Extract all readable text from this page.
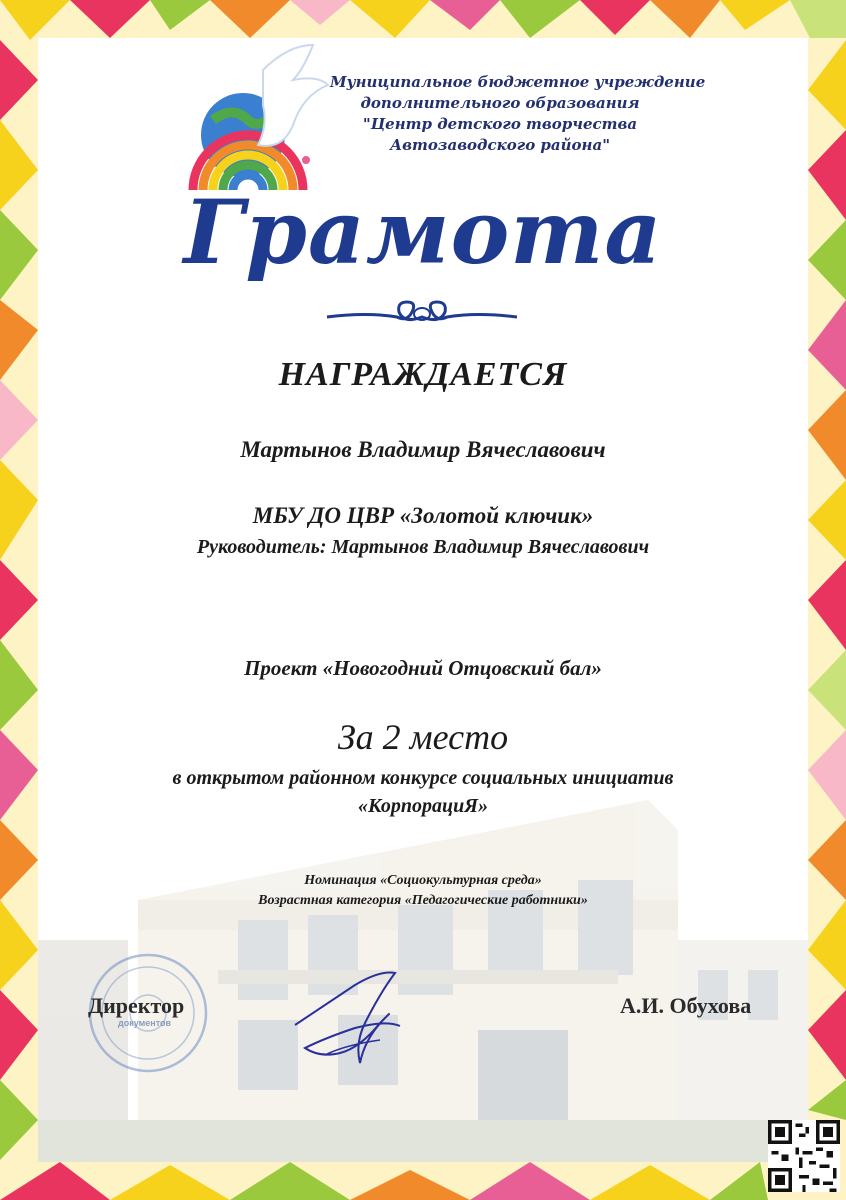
Муниципальное бюджетное учреждение
дополнительного образования
"Центр детского творчества
Автозаводского района"
Грамота
НАГРАЖДАЕТСЯ
Мартынов Владимир Вячеславович
МБУ ДО ЦВР «Золотой ключик»
Руководитель: Мартынов Владимир Вячеславович
Проект «Новогодний Отцовский бал»
За 2 место
в открытом районном конкурсе социальных инициатив
«КорпорациЯ»
Номинация «Социокультурная среда»
Возрастная категория «Педагогические работники»
документов
Директор	А.И. Обухова
